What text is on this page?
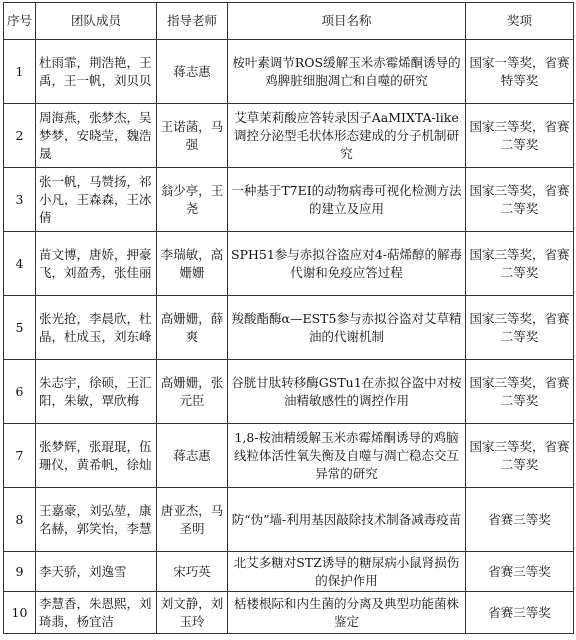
序号	团队成员	指导老师	项目名称	奖项
1	杜雨霏，荆浩艳，王禹，王一帆，刘贝贝	蒋志惠	桉叶素调节ROS缓解玉米赤霉烯酮诱导的鸡脾脏细胞凋亡和自噬的研究	国家一等奖，省赛特等奖
2	周海燕，张梦杰，吴梦梦，安晓莹，魏浩晟	王诺菡，马强	艾草茉莉酸应答转录因子AaMIXTA-like调控分泌型毛状体形态建成的分子机制研究	国家三等奖，省赛二等奖
3	张一帆，马赞扬，祁小凡，王森森，王冰倩	翁少亭，王尧	一种基于T7EI的动物病毒可视化检测方法的建立及应用	国家三等奖，省赛二等奖
4	苗文博，唐娇，押豪飞，刘盈秀，张佳丽	李瑞敏，高姗姗	SPH51参与赤拟谷盗应对4-萜烯醇的解毒代谢和免疫应答过程	国家三等奖，省赛二等奖
5	张光抢，李晨欣，杜晶，杜成玉，刘东峰	高姗姗，薛爽	羧酸酯酶α—EST5参与赤拟谷盗对艾草精油的代谢机制	国家三等奖，省赛二等奖
6	朱志宇，徐硕，王汇阳，朱敏，覃欣梅	高姗姗，张元臣	谷胱甘肽转移酶GSTu1在赤拟谷盗中对桉油精敏感性的调控作用	国家三等奖，省赛二等奖
7	张梦辉，张琨琨，伍珊仪，黄希帆，徐灿	蒋志惠	1,8-桉油精缓解玉米赤霉烯酮诱导的鸡脑线粒体活性氧失衡及自噬与凋亡稳态交互异常的研究	国家三等奖，省赛二等奖
8	王嘉豪，刘弘堃，康名赫，郭笑怡，李慧	唐亚杰，马圣明	防“伪”墙-利用基因敲除技术制备减毒疫苗	省赛三等奖
9	李天骄，刘逸雪	宋巧英	北艾多糖对STZ诱导的糖尿病小鼠肾损伤的保护作用	省赛三等奖
10	李慧香，朱恩熙，刘琦翡，杨宜洁	刘文静，刘玉玲	栝楼根际和内生菌的分离及典型功能菌株鉴定	省赛三等奖
